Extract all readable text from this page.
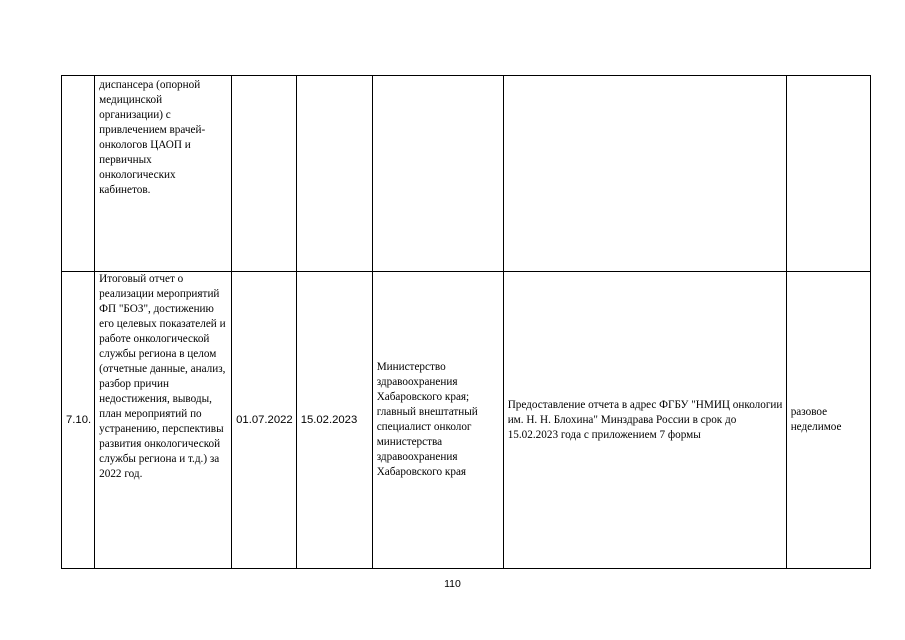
	диспансера (опорной медицинской организации) с привлечением врачей-онкологов ЦАОП и первичных онкологических кабинетов.					
7.10.	Итоговый отчет о реализации мероприятий ФП "БОЗ", достижению его целевых показателей и работе онкологической службы региона в целом (отчетные данные, анализ, разбор причин недостижения, выводы, план мероприятий по устранению, перспективы развития онкологической службы региона и т.д.) за 2022 год.	01.07.2022	15.02.2023	Министерство здравоохранения Хабаровского края; главный внештатный специалист онколог министерства здравоохранения Хабаровского края	Предоставление отчета в адрес ФГБУ "НМИЦ онкологии им. Н. Н. Блохина" Минздрава России в срок до 15.02.2023 года с приложением 7 формы	разовое неделимое
110
